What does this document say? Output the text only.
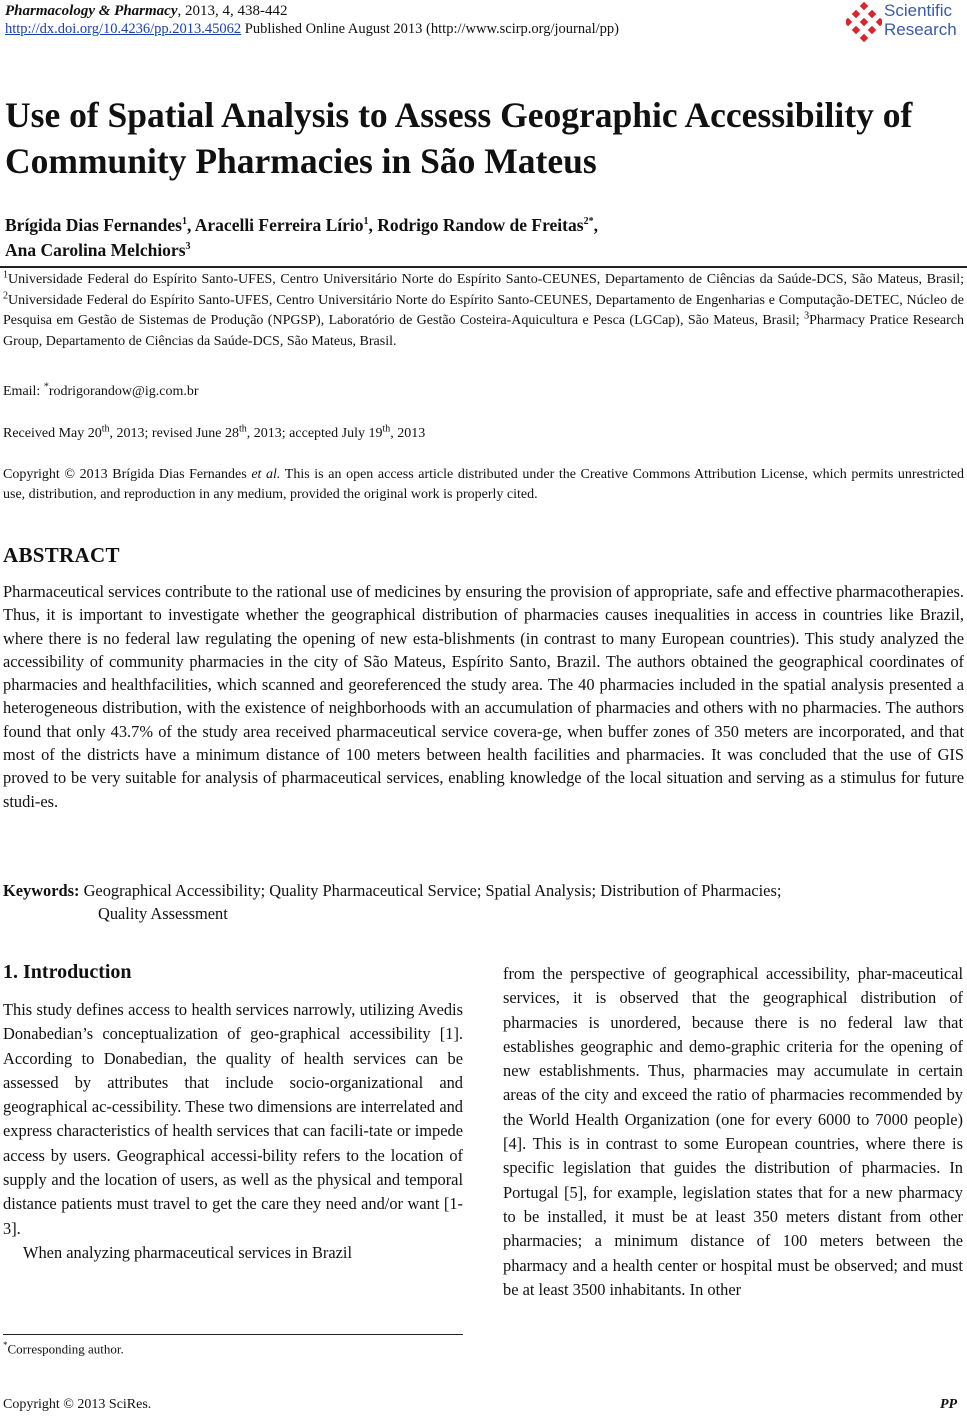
Pharmacology & Pharmacy, 2013, 4, 438-442
http://dx.doi.org/10.4236/pp.2013.45062 Published Online August 2013 (http://www.scirp.org/journal/pp)
Scientific
Research
Use of Spatial Analysis to Assess Geographic Accessibility of Community Pharmacies in São Mateus
Brígida Dias Fernandes$^1$, Aracelli Ferreira Lírio$^1$, Rodrigo Randow de Freitas$^{2*}$,
Ana Carolina Melchiors$^3$
$^1$Universidade Federal do Espírito Santo-UFES, Centro Universitário Norte do Espírito Santo-CEUNES, Departamento de Ciências da Saúde-DCS, São Mateus, Brasil; $^2$Universidade Federal do Espírito Santo-UFES, Centro Universitário Norte do Espírito Santo-CEUNES, Departamento de Engenharias e Computação-DETEC, Núcleo de Pesquisa em Gestão de Sistemas de Produção (NPGSP), Laboratório de Gestão Costeira-Aquicultura e Pesca (LGCap), São Mateus, Brasil; $^3$Pharmacy Pratice Research Group, Departamento de Ciências da Saúde-DCS, São Mateus, Brasil.
Email: *rodrigorandow@ig.com.br
Received May 20th, 2013; revised June 28th, 2013; accepted July 19th, 2013
Copyright © 2013 Brígida Dias Fernandes et al. This is an open access article distributed under the Creative Commons Attribution License, which permits unrestricted use, distribution, and reproduction in any medium, provided the original work is properly cited.
ABSTRACT
Pharmaceutical services contribute to the rational use of medicines by ensuring the provision of appropriate, safe and effective pharmacotherapies. Thus, it is important to investigate whether the geographical distribution of pharmacies causes inequalities in access in countries like Brazil, where there is no federal law regulating the opening of new esta-blishments (in contrast to many European countries). This study analyzed the accessibility of community pharmacies in the city of São Mateus, Espírito Santo, Brazil. The authors obtained the geographical coordinates of pharmacies and healthfacilities, which scanned and georeferenced the study area. The 40 pharmacies included in the spatial analysis presented a heterogeneous distribution, with the existence of neighborhoods with an accumulation of pharmacies and others with no pharmacies. The authors found that only 43.7% of the study area received pharmaceutical service covera-ge, when buffer zones of 350 meters are incorporated, and that most of the districts have a minimum distance of 100 meters between health facilities and pharmacies. It was concluded that the use of GIS proved to be very suitable for analysis of pharmaceutical services, enabling knowledge of the local situation and serving as a stimulus for future studi-es.
Keywords: Geographical Accessibility; Quality Pharmaceutical Service; Spatial Analysis; Distribution of Pharmacies;
Quality Assessment
1. Introduction

This study defines access to health services narrowly, utilizing Avedis Donabedian’s conceptualization of geo-graphical accessibility [1]. According to Donabedian, the quality of health services can be assessed by attributes that include socio-organizational and geographical ac-cessibility. These two dimensions are interrelated and express characteristics of health services that can facili-tate or impede access by users. Geographical accessi-bility refers to the location of supply and the location of users, as well as the physical and temporal distance patients must travel to get the care they need and/or want [1-3].

When analyzing pharmaceutical services in Brazil

from the perspective of geographical accessibility, phar-maceutical services, it is observed that the geographical distribution of pharmacies is unordered, because there is no federal law that establishes geographic and demo-graphic criteria for the opening of new establishments. Thus, pharmacies may accumulate in certain areas of the city and exceed the ratio of pharmacies recommended by the World Health Organization (one for every 6000 to 7000 people) [4]. This is in contrast to some European countries, where there is specific legislation that guides the distribution of pharmacies. In Portugal [5], for example, legislation states that for a new pharmacy to be installed, it must be at least 350 meters distant from other pharmacies; a minimum distance of 100 meters between the pharmacy and a health center or hospital must be observed; and must be at least 3500 inhabitants. In other

*Corresponding author.
Copyright © 2013 SciRes.	PP
